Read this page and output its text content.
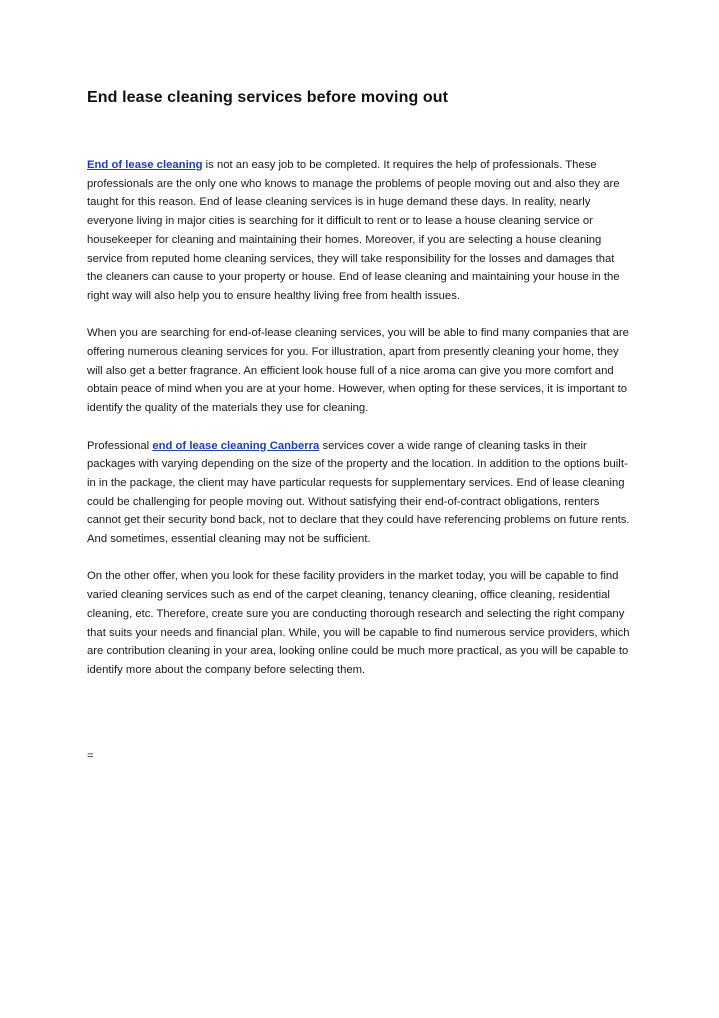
End lease cleaning services before moving out

End of lease cleaning is not an easy job to be completed. It requires the help of professionals. These professionals are the only one who knows to manage the problems of people moving out and also they are taught for this reason. End of lease cleaning services is in huge demand these days. In reality, nearly everyone living in major cities is searching for it difficult to rent or to lease a house cleaning service or housekeeper for cleaning and maintaining their homes. Moreover, if you are selecting a house cleaning service from reputed home cleaning services, they will take responsibility for the losses and damages that the cleaners can cause to your property or house. End of lease cleaning and maintaining your house in the right way will also help you to ensure healthy living free from health issues.

When you are searching for end-of-lease cleaning services, you will be able to find many companies that are offering numerous cleaning services for you. For illustration, apart from presently cleaning your home, they will also get a better fragrance. An efficient look house full of a nice aroma can give you more comfort and obtain peace of mind when you are at your home. However, when opting for these services, it is important to identify the quality of the materials they use for cleaning.

Professional end of lease cleaning Canberra services cover a wide range of cleaning tasks in their packages with varying depending on the size of the property and the location. In addition to the options built-in in the package, the client may have particular requests for supplementary services. End of lease cleaning could be challenging for people moving out. Without satisfying their end-of-contract obligations, renters cannot get their security bond back, not to declare that they could have referencing problems on future rents. And sometimes, essential cleaning may not be sufficient.

On the other offer, when you look for these facility providers in the market today, you will be capable to find varied cleaning services such as end of the carpet cleaning, tenancy cleaning, office cleaning, residential cleaning, etc. Therefore, create sure you are conducting thorough research and selecting the right company that suits your needs and financial plan. While, you will be capable to find numerous service providers, which are contribution cleaning in your area, looking online could be much more practical, as you will be capable to identify more about the company before selecting them.

=
